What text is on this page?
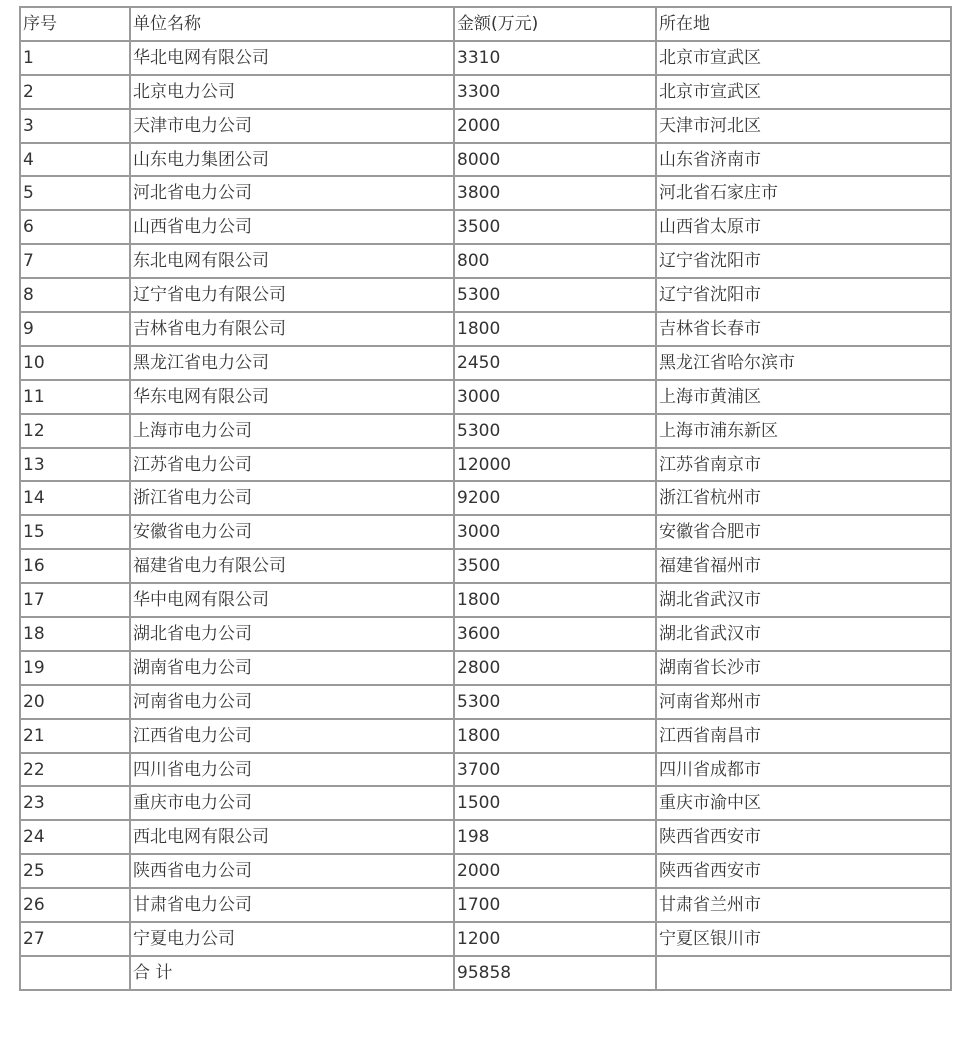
序号	单位名称	金额(万元)	所在地
1	华北电网有限公司	3310	北京市宣武区
2	北京电力公司	3300	北京市宣武区
3	天津市电力公司	2000	天津市河北区
4	山东电力集团公司	8000	山东省济南市
5	河北省电力公司	3800	河北省石家庄市
6	山西省电力公司	3500	山西省太原市
7	东北电网有限公司	800	辽宁省沈阳市
8	辽宁省电力有限公司	5300	辽宁省沈阳市
9	吉林省电力有限公司	1800	吉林省长春市
10	黑龙江省电力公司	2450	黑龙江省哈尔滨市
11	华东电网有限公司	3000	上海市黄浦区
12	上海市电力公司	5300	上海市浦东新区
13	江苏省电力公司	12000	江苏省南京市
14	浙江省电力公司	9200	浙江省杭州市
15	安徽省电力公司	3000	安徽省合肥市
16	福建省电力有限公司	3500	福建省福州市
17	华中电网有限公司	1800	湖北省武汉市
18	湖北省电力公司	3600	湖北省武汉市
19	湖南省电力公司	2800	湖南省长沙市
20	河南省电力公司	5300	河南省郑州市
21	江西省电力公司	1800	江西省南昌市
22	四川省电力公司	3700	四川省成都市
23	重庆市电力公司	1500	重庆市渝中区
24	西北电网有限公司	198	陕西省西安市
25	陕西省电力公司	2000	陕西省西安市
26	甘肃省电力公司	1700	甘肃省兰州市
27	宁夏电力公司	1200	宁夏区银川市
	合 计	95858	
